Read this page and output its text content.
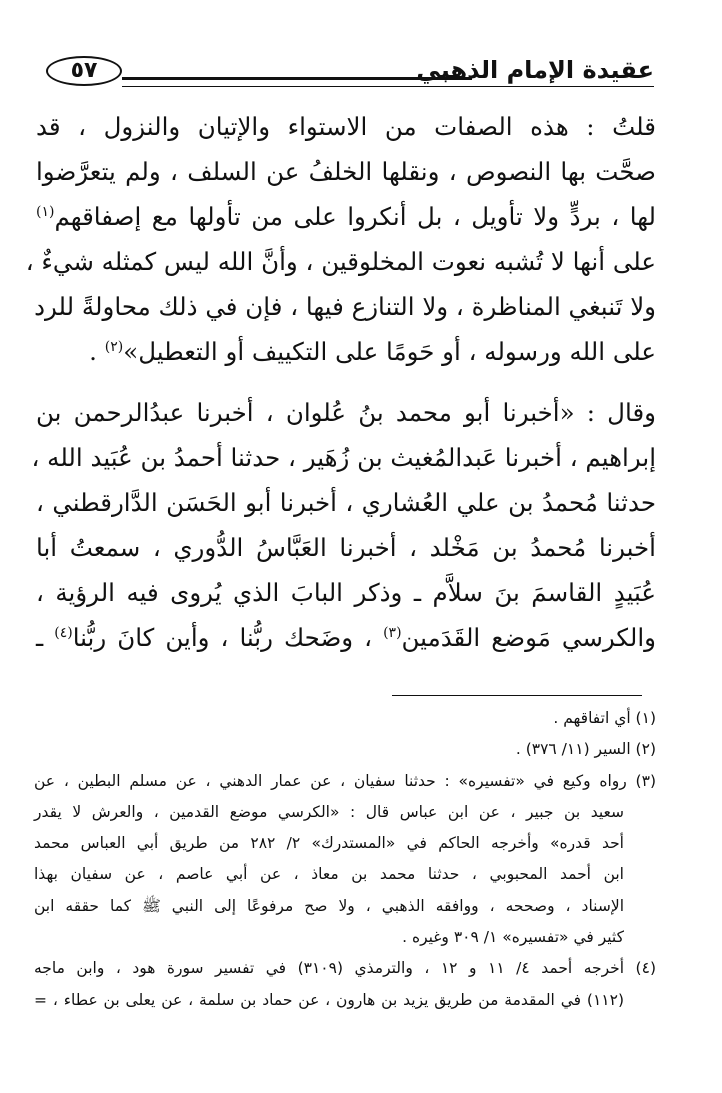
عقيدة الإمام الذهبي
٥٧
قلتُ : هذه الصفات من الاستواء والإتيان والنزول ، قد
صحَّت بها النصوص ، ونقلها الخلفُ عن السلف ، ولم يتعرَّضوا
لها ، بردٍّ ولا تأويل ، بل أنكروا على من تأولها مع إصفاقهم$^{(١)}$
على أنها لا تُشبه نعوت المخلوقين ، وأنَّ الله ليس كمثله شيءٌ ،
ولا تَنبغي المناظرة ، ولا التنازع فيها ، فإن في ذلك محاولةً للرد
على الله ورسوله ، أو حَومًا على التكييف أو التعطيل»$^{(٢)}$ .
وقال : «أخبرنا أبو محمد بنُ عُلوان ، أخبرنا عبدُالرحمن بن
إبراهيم ، أخبرنا عَبدالمُغيث بن زُهَير ، حدثنا أحمدُ بن عُبَيد الله ،
حدثنا مُحمدُ بن علي العُشاري ، أخبرنا أبو الحَسَن الدَّارقطني ،
أخبرنا مُحمدُ بن مَخْلد ، أخبرنا العَبَّاسُ الدُّوري ، سمعتُ أبا
عُبَيدٍ القاسمَ بنَ سلاَّم ـ وذكر البابَ الذي يُروى فيه الرؤية ،
والكرسي مَوضع القَدَمين$^{(٣)}$ ، وضَحك ربُّنا ، وأين كانَ ربُّنا$^{(٤)}$ ـ
(١) أي اتفاقهم .
(٢) السير (١١/ ٣٧٦) .
(٣) رواه وكيع في «تفسيره» : حدثنا سفيان ، عن عمار الدهني ، عن مسلم البطين ، عن
سعيد بن جبير ، عن ابن عباس قال : «الكرسي موضع القدمين ، والعرش لا يقدر
أحد قدره» وأخرجه الحاكم في «المستدرك» ٢/ ٢٨٢ من طريق أبي العباس محمد
ابن أحمد المحبوبي ، حدثنا محمد بن معاذ ، عن أبي عاصم ، عن سفيان بهذا
الإسناد ، وصححه ، ووافقه الذهبي ، ولا صح مرفوعًا إلى النبي ﷺ كما حققه ابن
كثير في «تفسيره» ١/ ٣٠٩ وغيره .
(٤) أخرجه أحمد ٤/ ١١ و ١٢ ، والترمذي (٣١٠٩) في تفسير سورة هود ، وابن ماجه
(١١٢) في المقدمة من طريق يزيد بن هارون ، عن حماد بن سلمة ، عن يعلى بن عطاء ، =
